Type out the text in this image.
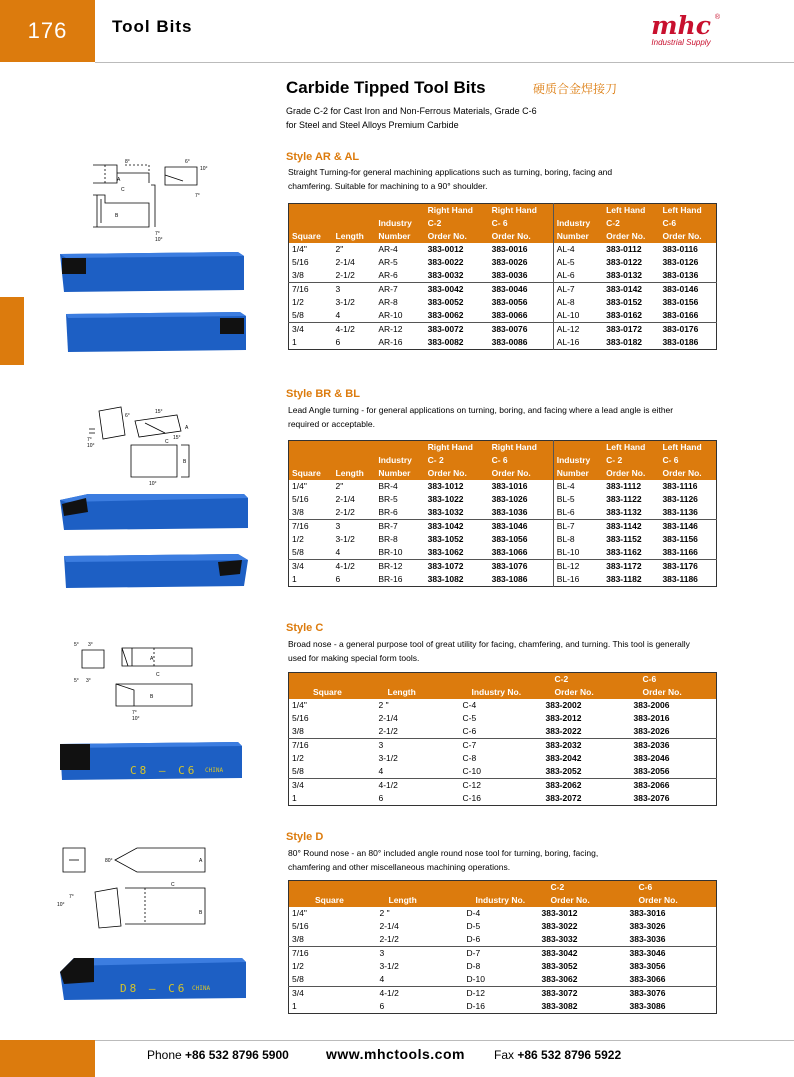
176	Tool Bits	mhc
Industrial Supply
®
Carbide Tipped Tool Bits	硬质合金焊接刀
Grade C-2 for Cast Iron and Non-Ferrous Materials, Grade C-6 for Steel and Steel Alloys Premium Carbide
Style AR & AL
Straight Turning-for general machining applications such as turning, boring, facing and chamfering. Suitable for machining to a 90° shoulder.
8°	6°
10°
A
C
7°
B
7°
10°
			Right Hand	Right Hand		Left Hand	Left Hand
		Industry	C-2	C- 6	Industry	C-2	C-6
Square	Length	Number	Order No.	Order No.	Number	Order No.	Order No.
1/4"	2"	AR-4	383-0012	383-0016	AL-4	383-0112	383-0116
5/16	2-1/4	AR-5	383-0022	383-0026	AL-5	383-0122	383-0126
3/8	2-1/2	AR-6	383-0032	383-0036	AL-6	383-0132	383-0136
7/16	3	AR-7	383-0042	383-0046	AL-7	383-0142	383-0146
1/2	3-1/2	AR-8	383-0052	383-0056	AL-8	383-0152	383-0156
5/8	4	AR-10	383-0062	383-0066	AL-10	383-0162	383-0166
3/4	4-1/2	AR-12	383-0072	383-0076	AL-12	383-0172	383-0176
1	6	AR-16	383-0082	383-0086	AL-16	383-0182	383-0186
Style BR & BL
Lead Angle turning - for general applications on turning, boring, and facing where a lead angle is either required or acceptable.
15°
6°
A
15°
7°
10°
C
B
10°
			Right Hand	Right Hand		Left Hand	Left Hand
		Industry	C- 2	C- 6	Industry	C- 2	C- 6
Square	Length	Number	Order No.	Order No.	Number	Order No.	Order No.
1/4"	2"	BR-4	383-1012	383-1016	BL-4	383-1112	383-1116
5/16	2-1/4	BR-5	383-1022	383-1026	BL-5	383-1122	383-1126
3/8	2-1/2	BR-6	383-1032	383-1036	BL-6	383-1132	383-1136
7/16	3	BR-7	383-1042	383-1046	BL-7	383-1142	383-1146
1/2	3-1/2	BR-8	383-1052	383-1056	BL-8	383-1152	383-1156
5/8	4	BR-10	383-1062	383-1066	BL-10	383-1162	383-1166
3/4	4-1/2	BR-12	383-1072	383-1076	BL-12	383-1172	383-1176
1	6	BR-16	383-1082	383-1086	BL-16	383-1182	383-1186
Style C
Broad nose - a general purpose tool of great utility for facing, chamfering, and turning. This tool is generally used for making special form tools.
5° 3°
A
C
5° 3°
B
7°
10°
C8 — C6 CHINA
			C-2	C-6
Square	Length	Industry No.	Order No.	Order No.
1/4"	2 "	C-4	383-2002	383-2006
5/16	2-1/4	C-5	383-2012	383-2016
3/8	2-1/2	C-6	383-2022	383-2026
7/16	3	C-7	383-2032	383-2036
1/2	3-1/2	C-8	383-2042	383-2046
5/8	4	C-10	383-2052	383-2056
3/4	4-1/2	C-12	383-2062	383-2066
1	6	C-16	383-2072	383-2076
Style D
80° Round nose - an 80° included angle round nose tool for turning, boring, facing, chamfering and other miscellaneous machining operations.
80°	A
C
7°
10°
B
D8 — C6 CHINA
			C-2	C-6
Square	Length	Industry No.	Order No.	Order No.
1/4"	2 "	D-4	383-3012	383-3016
5/16	2-1/4	D-5	383-3022	383-3026
3/8	2-1/2	D-6	383-3032	383-3036
7/16	3	D-7	383-3042	383-3046
1/2	3-1/2	D-8	383-3052	383-3056
5/8	4	D-10	383-3062	383-3066
3/4	4-1/2	D-12	383-3072	383-3076
1	6	D-16	383-3082	383-3086
Phone +86 532 8796 5900	www.mhctools.com Fax +86 532 8796 5922
